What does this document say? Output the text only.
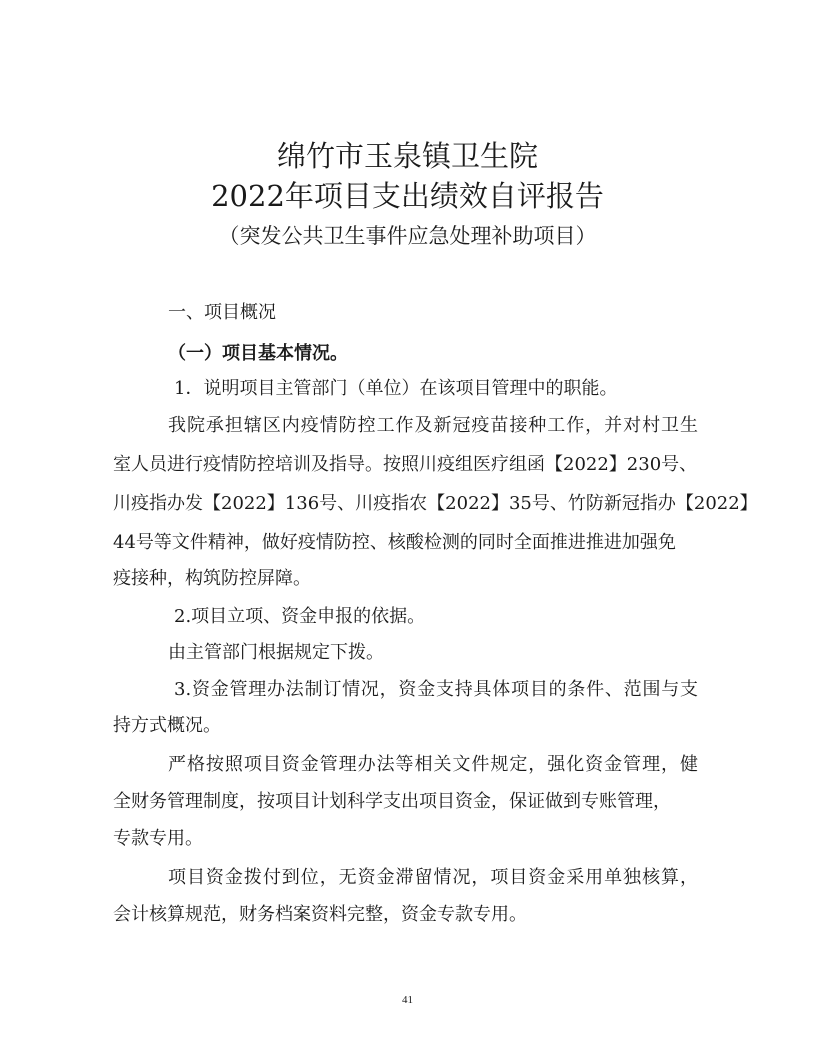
绵竹市玉泉镇卫生院
2022年项目支出绩效自评报告
（突发公共卫生事件应急处理补助项目）
一、项目概况
（一）项目基本情况。
1．说明项目主管部门（单位）在该项目管理中的职能。
我院承担辖区内疫情防控工作及新冠疫苗接种工作，并对村卫生
室人员进行疫情防控培训及指导。按照川疫组医疗组函【2022】230号、
川疫指办发【2022】136号、川疫指农【2022】35号、竹防新冠指办【2022】
44号等文件精神，做好疫情防控、核酸检测的同时全面推进推进加强免
疫接种，构筑防控屏障。
2.项目立项、资金申报的依据。
由主管部门根据规定下拨。
3.资金管理办法制订情况，资金支持具体项目的条件、范围与支
持方式概况。
严格按照项目资金管理办法等相关文件规定，强化资金管理，健
全财务管理制度，按项目计划科学支出项目资金，保证做到专账管理，
专款专用。
项目资金拨付到位，无资金滞留情况，项目资金采用单独核算，
会计核算规范，财务档案资料完整，资金专款专用。
41
